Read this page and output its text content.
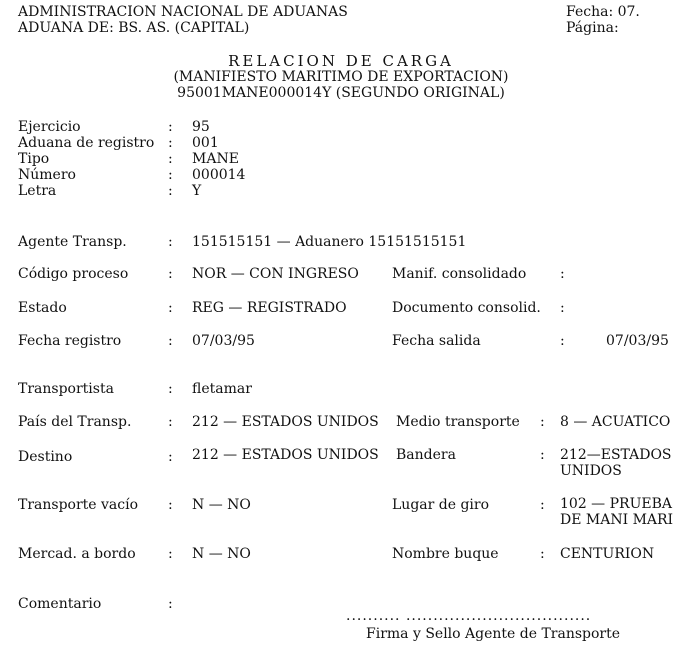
ADMINISTRACION NACIONAL DE ADUANAS
ADUANA DE: BS. AS. (CAPITAL)
Fecha: 07.
Página:
RELACION DE CARGA
(MANIFIESTO MARITIMO DE EXPORTACION)
95001MANE000014Y (SEGUNDO ORIGINAL)
Ejercicio	: 95
Aduana de registro : 001
Tipo	: MANE
Número	: 000014
Letra	: Y
Agente Transp.	: 151515151 — Aduanero 15151515151
Código proceso	: NOR — CON INGRESO Manif. consolidado :
Estado	: REG — REGISTRADO	Documento consolid. :
Fecha registro	: 07/03/95	Fecha salida	:	07/03/95
Transportista	: fletamar
País del Transp.	: 212 — ESTADOS UNIDOS Medio transporte : 8 — ACUATICO
Destino	: 212 — ESTADOS UNIDOS Bandera	: 212—ESTADOS
UNIDOS
Transporte vacío : N — NO	Lugar de giro	: 102 — PRUEBA
DE MANI MARI
Mercad. a bordo : N — NO	Nombre buque	: CENTURION
Comentario	:
.......... ..................................
Firma y Sello Agente de Transporte
